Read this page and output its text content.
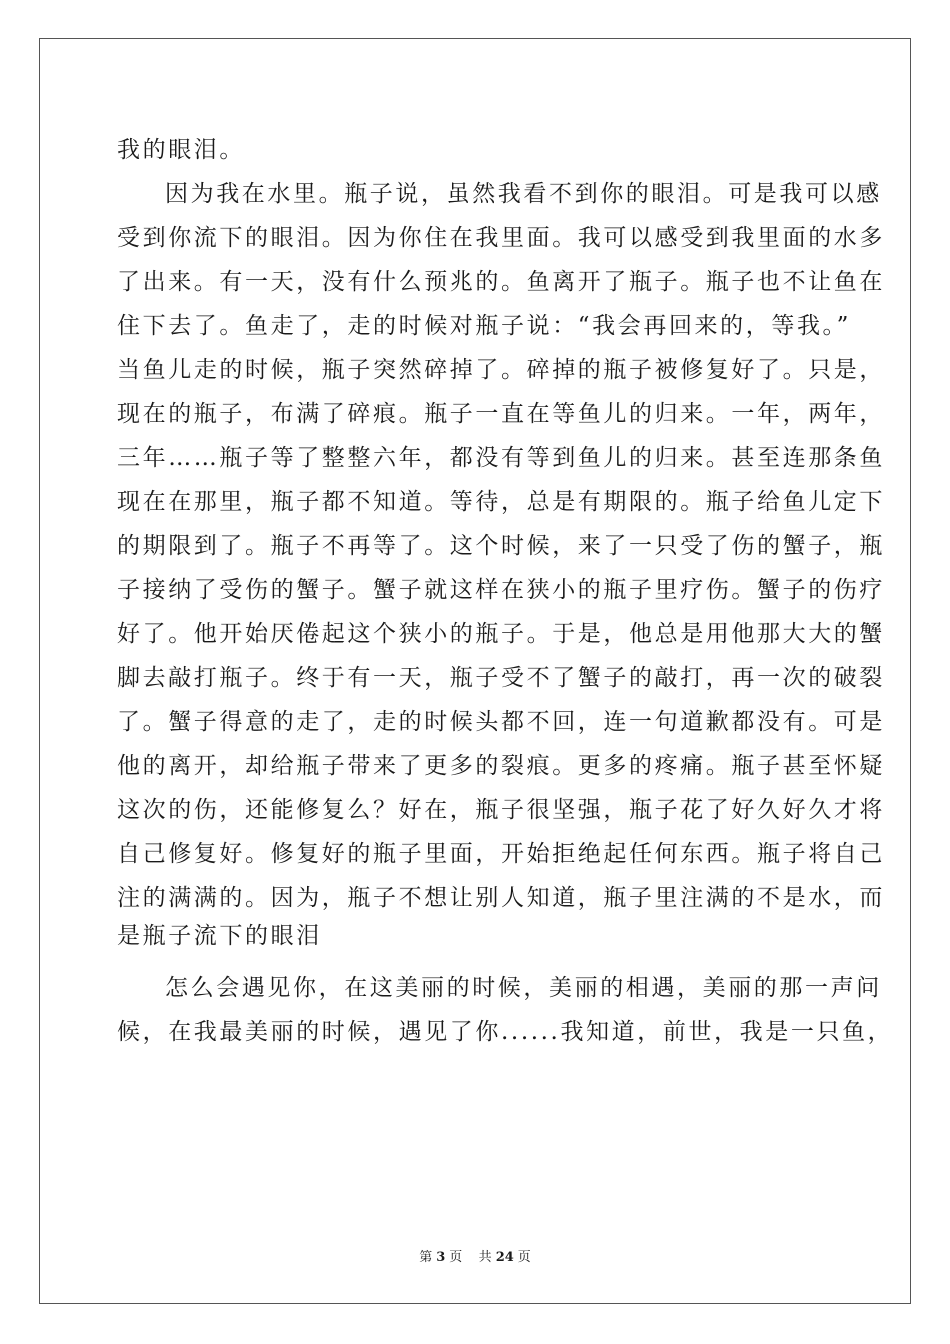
我的眼泪。
因为我在水里。瓶子说，虽然我看不到你的眼泪。可是我可以感
受到你流下的眼泪。因为你住在我里面。我可以感受到我里面的水多
了出来。有一天，没有什么预兆的。鱼离开了瓶子。瓶子也不让鱼在
住下去了。鱼走了，走的时候对瓶子说：“我会再回来的，等我。”
当鱼儿走的时候，瓶子突然碎掉了。碎掉的瓶子被修复好了。只是，
现在的瓶子，布满了碎痕。瓶子一直在等鱼儿的归来。一年，两年，
三年……瓶子等了整整六年，都没有等到鱼儿的归来。甚至连那条鱼
现在在那里，瓶子都不知道。等待，总是有期限的。瓶子给鱼儿定下
的期限到了。瓶子不再等了。这个时候，来了一只受了伤的蟹子，瓶
子接纳了受伤的蟹子。蟹子就这样在狭小的瓶子里疗伤。蟹子的伤疗
好了。他开始厌倦起这个狭小的瓶子。于是，他总是用他那大大的蟹
脚去敲打瓶子。终于有一天，瓶子受不了蟹子的敲打，再一次的破裂
了。蟹子得意的走了，走的时候头都不回，连一句道歉都没有。可是
他的离开，却给瓶子带来了更多的裂痕。更多的疼痛。瓶子甚至怀疑
这次的伤，还能修复么？好在，瓶子很坚强，瓶子花了好久好久才将
自己修复好。修复好的瓶子里面，开始拒绝起任何东西。瓶子将自己
注的满满的。因为，瓶子不想让别人知道，瓶子里注满的不是水，而
是瓶子流下的眼泪
怎么会遇见你，在这美丽的时候，美丽的相遇，美丽的那一声问
候，在我最美丽的时候，遇见了你......我知道，前世，我是一只鱼，
第 3 页 共 24 页
